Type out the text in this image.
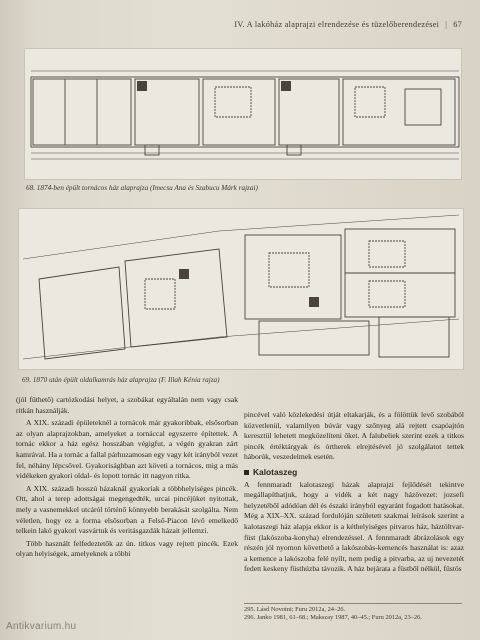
IV. A lakóház alaprajzi elrendezése és tüzelőberendezései | 67
68. 1874-ben épült tornácos ház alaprajza (Imecsu Ana és Szabucu Márk rajzai)
69. 1870 után épült oldalkamrás ház alaprajza (F. Illah Kénia rajza)

(jól fűthető) cartózkodási helyet, a szobákat egyáltalán nem vagy csak ritkán használják.

A XIX. századi épületeknél a tornácok már gyakoribbak, elsősorban az olyan alaprajzokban, amelyeket a tornáccal egyszerre építettek. A tornác ekkor a ház egész hosszában végigfut, a végén gyakran zárt kamrával. Ha a tornác a fallal párhuzamosan egy vagy két irányból vezet fel, néhány lépcsővel. Gyakorisághban azt követi a tornácos, mig a más vidékeken gyakori oldal- és lopott tornác itt nagyon ritka.

A XIX. századi hosszú házaknál gyakoriak a többhelyiséges pincék. Ott, ahol a terep adottságai megengedték, urcai pincéjüket nyitottak, mely a vasnemekkel utcáról történő könnyebb berakását szolgálta. Nem véletlen, hogy ez a forma elsősorban a Felső-Piacon lévő emelkedő telkein lakó gyakori vasvártuk és veritásgazdák házait jellemzi.

Több használt felfedeztetők az ún. titkos vagy rejtett pincék. Ezek olyan helyiségek, amelyeknek a többi

pincével való közlekedési útját eltakarják, és a fölöttük levő szobából közvetlenül, valamilyen búvár vagy szőnyeg alá rejtett csapóajtón keresztül lehetett megközelíteni őket. A falubeliek szerint ezek a titkos pincék értéktárgyak és órtherek elrejtésével jó szolgálatot tettek háborúk, veszedelmek esetén.

Kalotaszeg

A fennmaradt kalotaszegi házak alaprajzi fejlődését tekintve megállapíthatjuk, hogy a vidék a két nagy házövezet: jozsefi helyzetéből adódóan dél és északi irányból egyaránt fogadott hatásokat. Még a XIX–XX. század fordulóján született szakmai leírások szerint a kalotaszegi ház alapja ekkor is a kéthelyiséges pitvaros ház, háztöltvar-füst (lakószoba-konyha) elrendezéssel. A fennmaradt ábrázolások egy részén jól nyomon követhető a lakószobás-kemencés használat is: azaz a kemence a lakószoba felé nyílt, nem pedig a pitvarba, az uj nevezetét fedett keskeny füsthúzba távozik. A ház bejárata a füstből nélkül, füstös

295. Lásd Novotni; Furu 2012a, 24–26.
296. Janko 1981, 61–68.; Makszay 1987, 40–45.; Furu 2012a, 23–26.
Antikvarium.hu
